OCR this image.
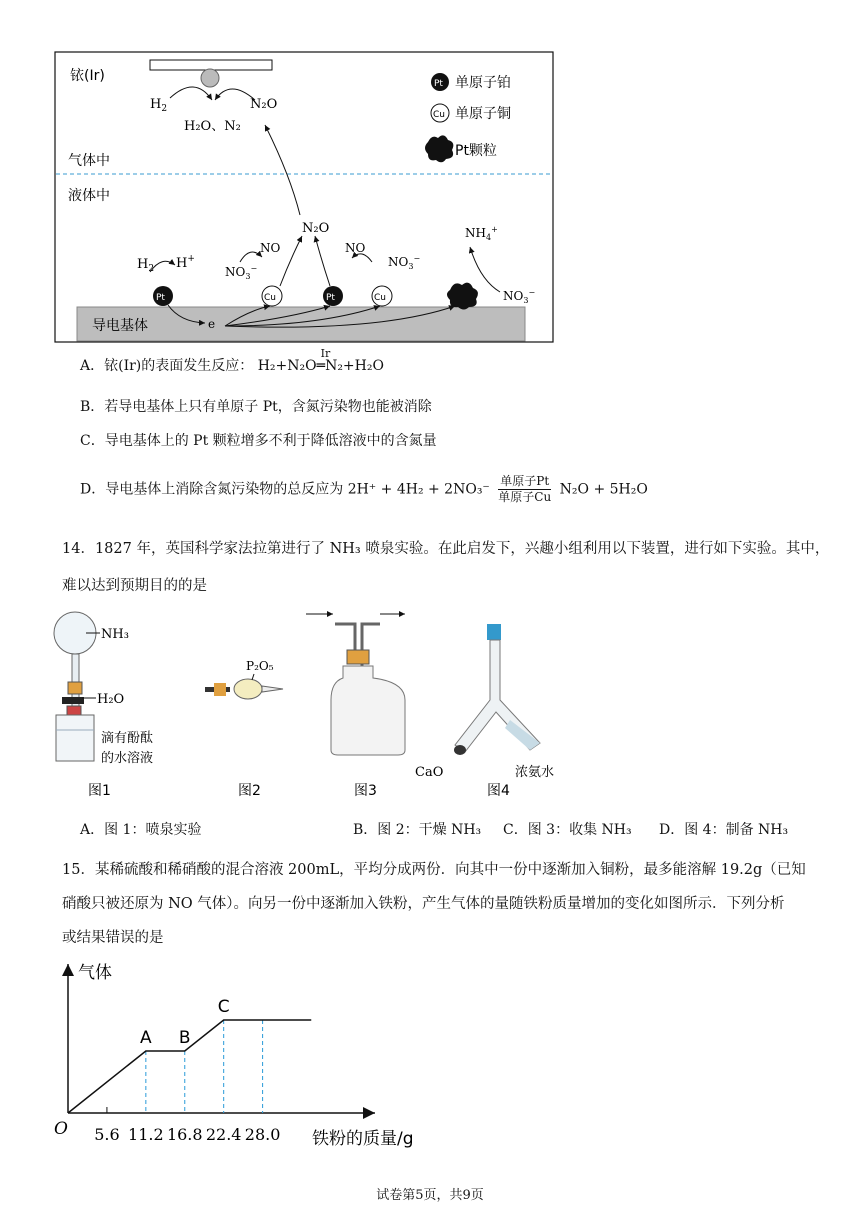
铱(Ir)
$H_2$
H₂O、N₂
N₂O
Pt 单原子铂
Cu 单原子铜
Pt颗粒
气体中
液体中
N₂O
导电基体
Pt	Cu	Pt	Cu
$H_2$ H+
$NO_3^-$
NO	NO
$NO_3^-$
$NH_4^+$
$NO_3^-$
e
A．铱(Ir)的表面发生反应： H₂+N₂O
Ir
═N₂+H₂O
B．若导电基体上只有单原子 Pt，含氮污染物也能被消除
C．导电基体上的 Pt 颗粒增多不利于降低溶液中的含氮量
D．导电基体上消除含氮污染物的总反应为 $2H^+ + 4H_2 + 2NO_3^- \frac{\text{单原子Pt}}{\text{单原子Cu}} N_2O + 5H_2O$
14．1827 年，英国科学家法拉第进行了 NH₃ 喷泉实验。在此启发下，兴趣小组利用以下装置，进行如下实验。其中，
难以达到预期目的的是
NH₃
H₂O
滴有酚酞
的水溶液
P₂O₅
CaO	浓氨水
图1	图2	图3	图4
A．图 1：喷泉实验	B．图 2：干燥 NH₃ C．图 3：收集 NH₃ D．图 4：制备 NH₃
15．某稀硫酸和稀硝酸的混合溶液 200mL，平均分成两份．向其中一份中逐渐加入铜粉，最多能溶解 19.2g（已知
硝酸只被还原为 NO 气体）。向另一份中逐渐加入铁粉，产生气体的量随铁粉质量增加的变化如图所示．下列分析
或结果错误的是
气体
铁粉的质量/g
O 5.6 11.2 16.8 22.4 28.0
A B
C
试卷第5页，共9页
